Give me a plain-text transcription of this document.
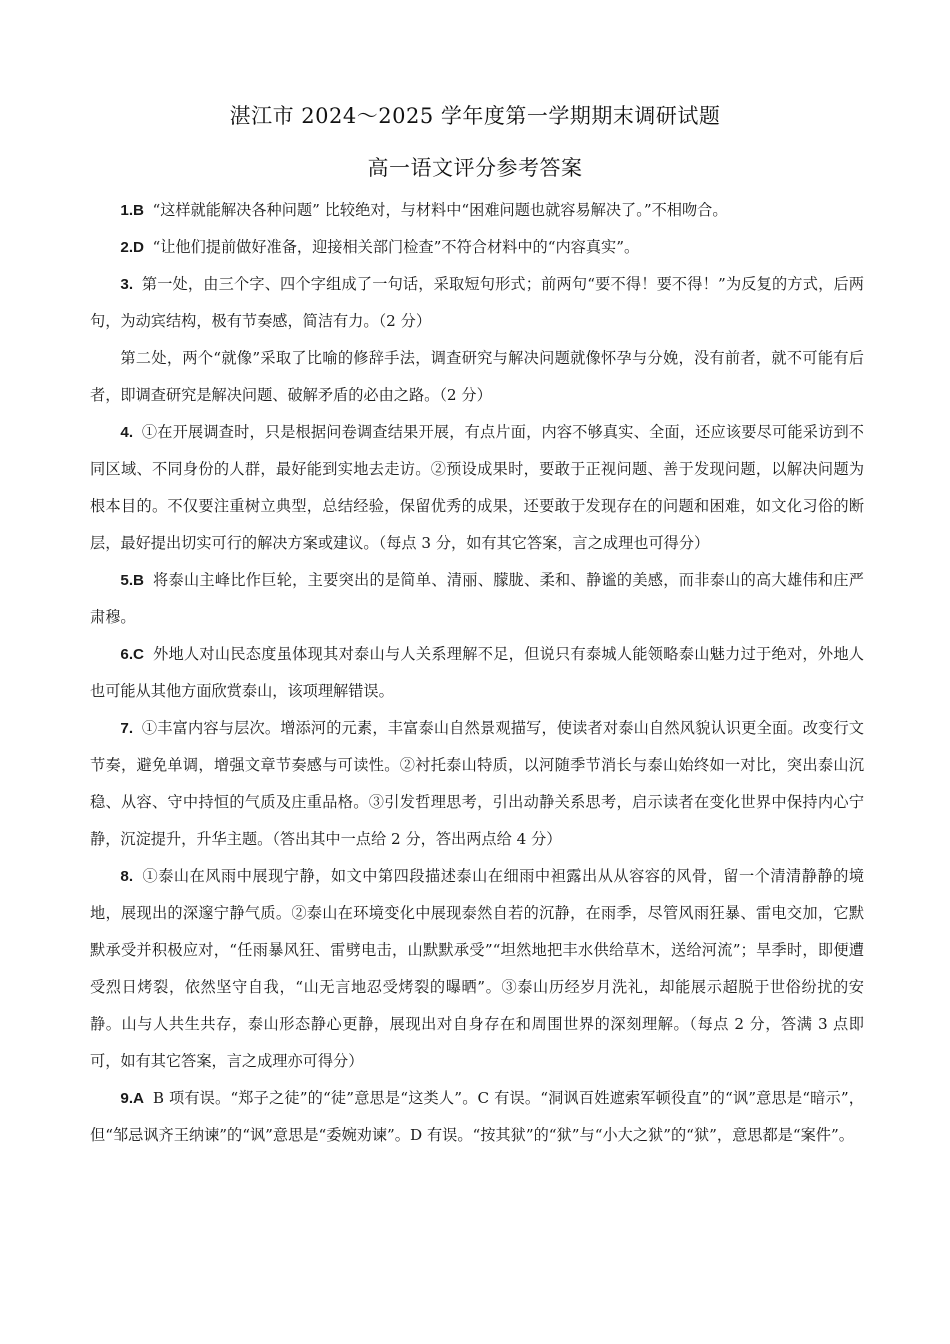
湛江市 2024～2025 学年度第一学期期末调研试题
高一语文评分参考答案

1.B “这样就能解决各种问题” 比较绝对，与材料中“困难问题也就容易解决了。”不相吻合。

2.D “让他们提前做好准备，迎接相关部门检查”不符合材料中的“内容真实”。

3. 第一处，由三个字、四个字组成了一句话，采取短句形式；前两句“要不得！要不得！”为反复的方式，后两句，为动宾结构，极有节奏感，简洁有力。（2 分）

第二处，两个“就像”采取了比喻的修辞手法，调查研究与解决问题就像怀孕与分娩，没有前者，就不可能有后者，即调查研究是解决问题、破解矛盾的必由之路。（2 分）

4. ①在开展调查时，只是根据问卷调查结果开展，有点片面，内容不够真实、全面，还应该要尽可能采访到不同区域、不同身份的人群，最好能到实地去走访。②预设成果时，要敢于正视问题、善于发现问题，以解决问题为根本目的。不仅要注重树立典型，总结经验，保留优秀的成果，还要敢于发现存在的问题和困难，如文化习俗的断层，最好提出切实可行的解决方案或建议。（每点 3 分，如有其它答案，言之成理也可得分）

5.B 将泰山主峰比作巨轮，主要突出的是简单、清丽、朦胧、柔和、静谧的美感，而非泰山的高大雄伟和庄严肃穆。

6.C 外地人对山民态度虽体现其对泰山与人关系理解不足，但说只有泰城人能领略泰山魅力过于绝对，外地人也可能从其他方面欣赏泰山，该项理解错误。

7. ①丰富内容与层次。增添河的元素，丰富泰山自然景观描写，使读者对泰山自然风貌认识更全面。改变行文节奏，避免单调，增强文章节奏感与可读性。②衬托泰山特质，以河随季节消长与泰山始终如一对比，突出泰山沉稳、从容、守中持恒的气质及庄重品格。③引发哲理思考，引出动静关系思考，启示读者在变化世界中保持内心宁静，沉淀提升，升华主题。（答出其中一点给 2 分，答出两点给 4 分）

8. ①泰山在风雨中展现宁静，如文中第四段描述泰山在细雨中袒露出从从容容的风骨，留一个清清静静的境地，展现出的深邃宁静气质。②泰山在环境变化中展现泰然自若的沉静，在雨季，尽管风雨狂暴、雷电交加，它默默承受并积极应对，“任雨暴风狂、雷劈电击，山默默承受”“坦然地把丰水供给草木，送给河流”；旱季时，即便遭受烈日烤裂，依然坚守自我，“山无言地忍受烤裂的曝晒”。③泰山历经岁月洗礼，却能展示超脱于世俗纷扰的安静。山与人共生共存，泰山形态静心更静，展现出对自身存在和周围世界的深刻理解。（每点 2 分，答满 3 点即可，如有其它答案，言之成理亦可得分）

9.A B 项有误。“郑子之徒”的“徒”意思是“这类人”。C 有误。“洞讽百姓遮索军顿役直”的“讽”意思是“暗示”，但“邹忌讽齐王纳谏”的“讽”意思是“委婉劝谏”。D 有误。“按其狱”的“狱”与“小大之狱”的“狱”，意思都是“案件”。
